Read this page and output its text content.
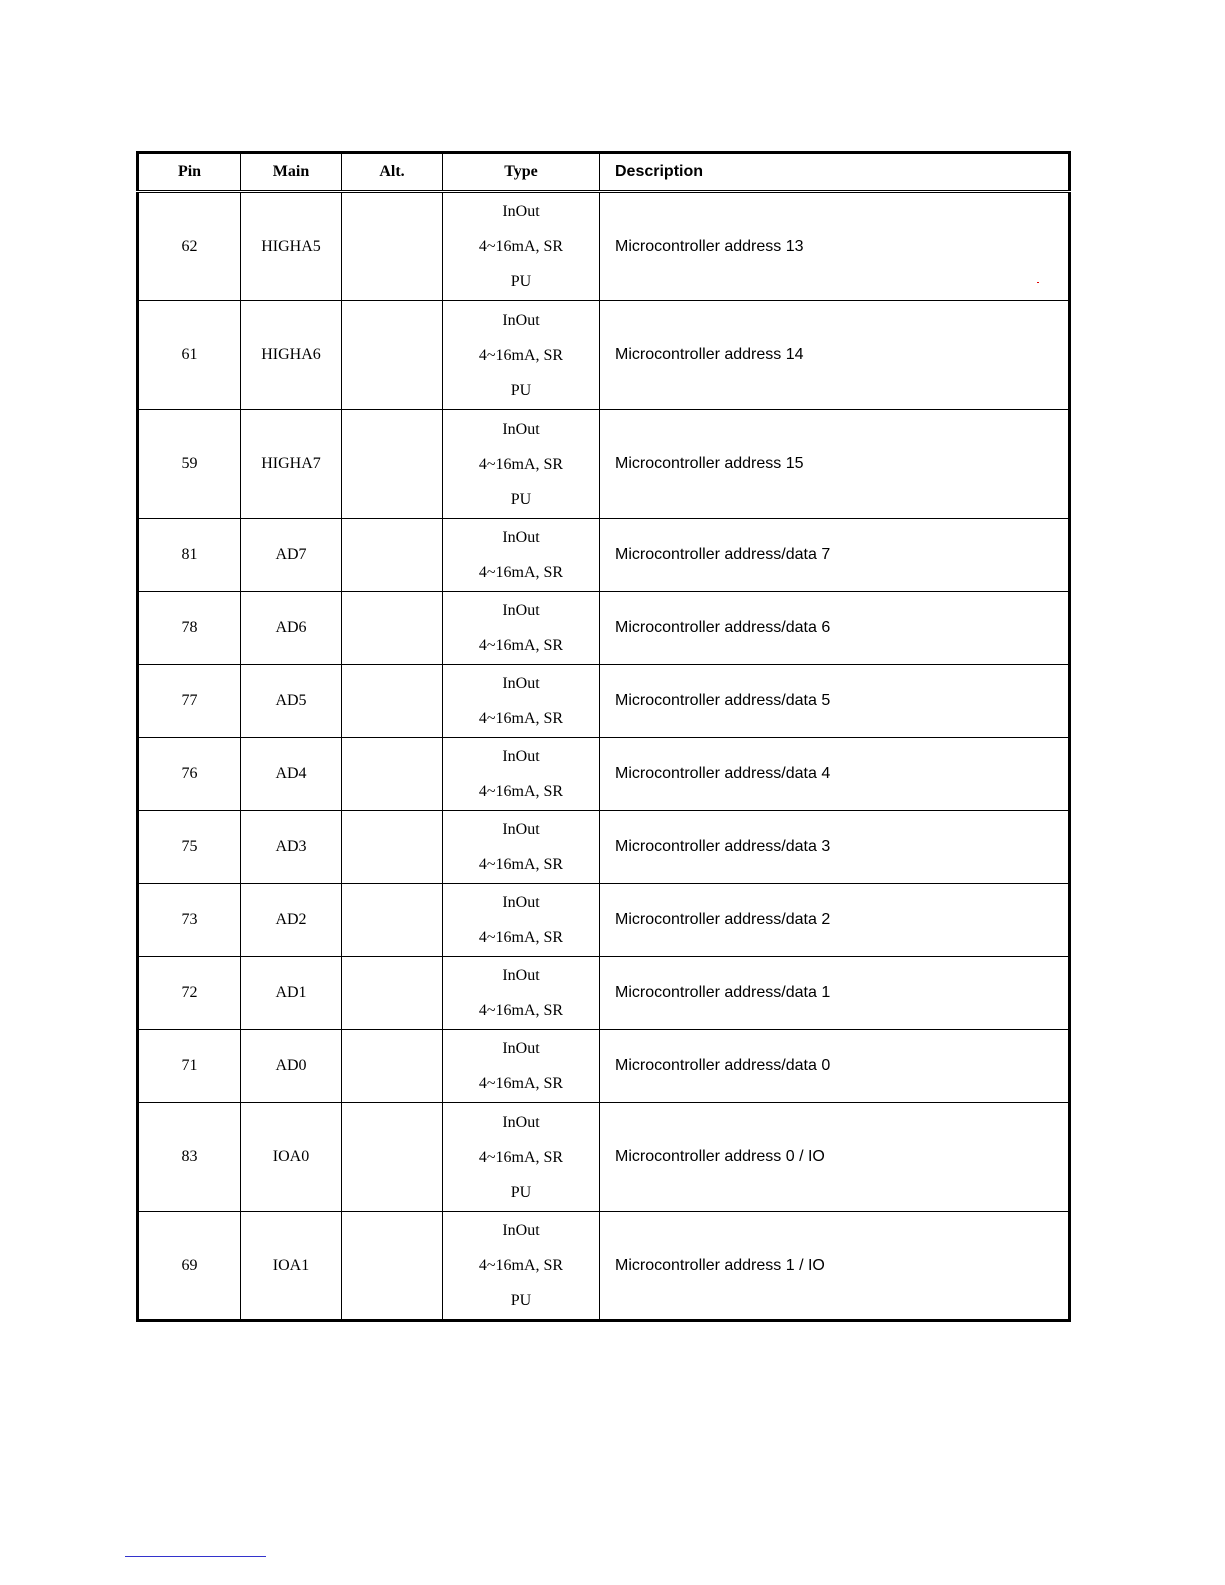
Pin	Main	Alt.	Type	Description
62	HIGHA5		InOut
4~16mA, SR
PU	Microcontroller address 13
61	HIGHA6		InOut
4~16mA, SR
PU	Microcontroller address 14
59	HIGHA7		InOut
4~16mA, SR
PU	Microcontroller address 15
81	AD7		InOut
4~16mA, SR	Microcontroller address/data 7
78	AD6		InOut
4~16mA, SR	Microcontroller address/data 6
77	AD5		InOut
4~16mA, SR	Microcontroller address/data 5
76	AD4		InOut
4~16mA, SR	Microcontroller address/data 4
75	AD3		InOut
4~16mA, SR	Microcontroller address/data 3
73	AD2		InOut
4~16mA, SR	Microcontroller address/data 2
72	AD1		InOut
4~16mA, SR	Microcontroller address/data 1
71	AD0		InOut
4~16mA, SR	Microcontroller address/data 0
83	IOA0		InOut
4~16mA, SR
PU	Microcontroller address 0 / IO
69	IOA1		InOut
4~16mA, SR
PU	Microcontroller address 1 / IO
